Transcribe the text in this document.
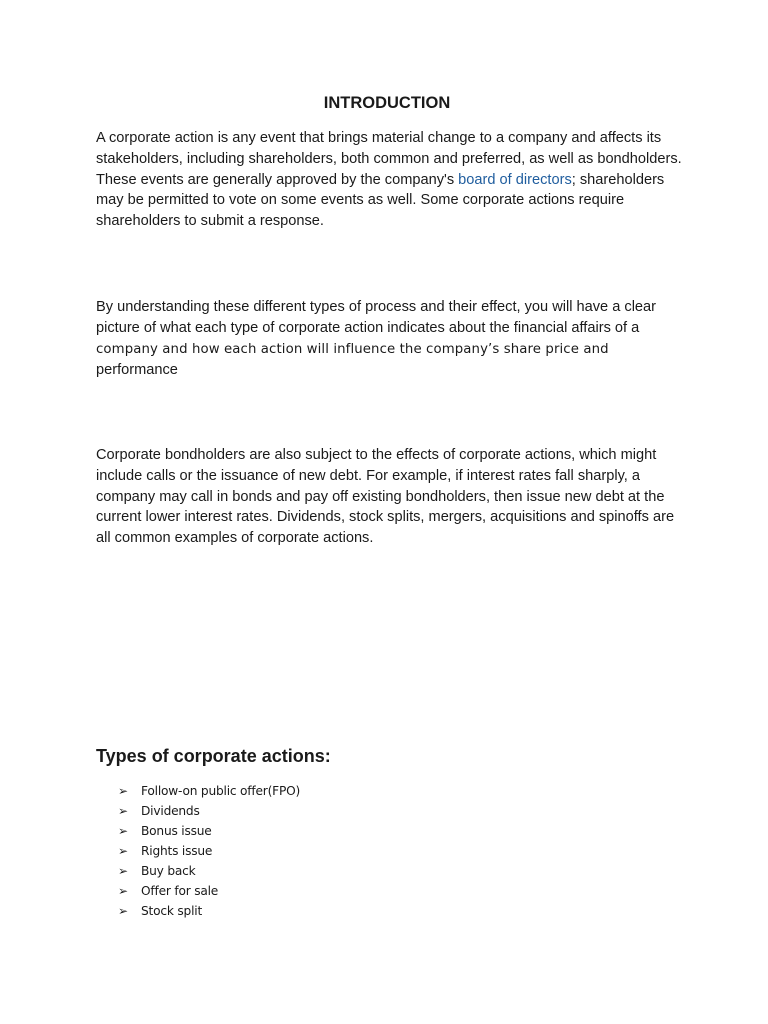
INTRODUCTION

A corporate action is any event that brings material change to a company and affects its stakeholders, including shareholders, both common and preferred, as well as bondholders. These events are generally approved by the company's board of directors; shareholders may be permitted to vote on some events as well. Some corporate actions require shareholders to submit a response.

By understanding these different types of process and their effect, you will have a clear picture of what each type of corporate action indicates about the financial affairs of a
company and how each action will influence the company’s share price and
performance

Corporate bondholders are also subject to the effects of corporate actions, which might include calls or the issuance of new debt. For example, if interest rates fall sharply, a company may call in bonds and pay off existing bondholders, then issue new debt at the current lower interest rates. Dividends, stock splits, mergers, acquisitions and spinoffs are all common examples of corporate actions.

Types of corporate actions:
➢	Follow-on public offer(FPO)
➢	Dividends
➢	Bonus issue
➢	Rights issue
➢	Buy back
➢	Offer for sale
➢	Stock split
